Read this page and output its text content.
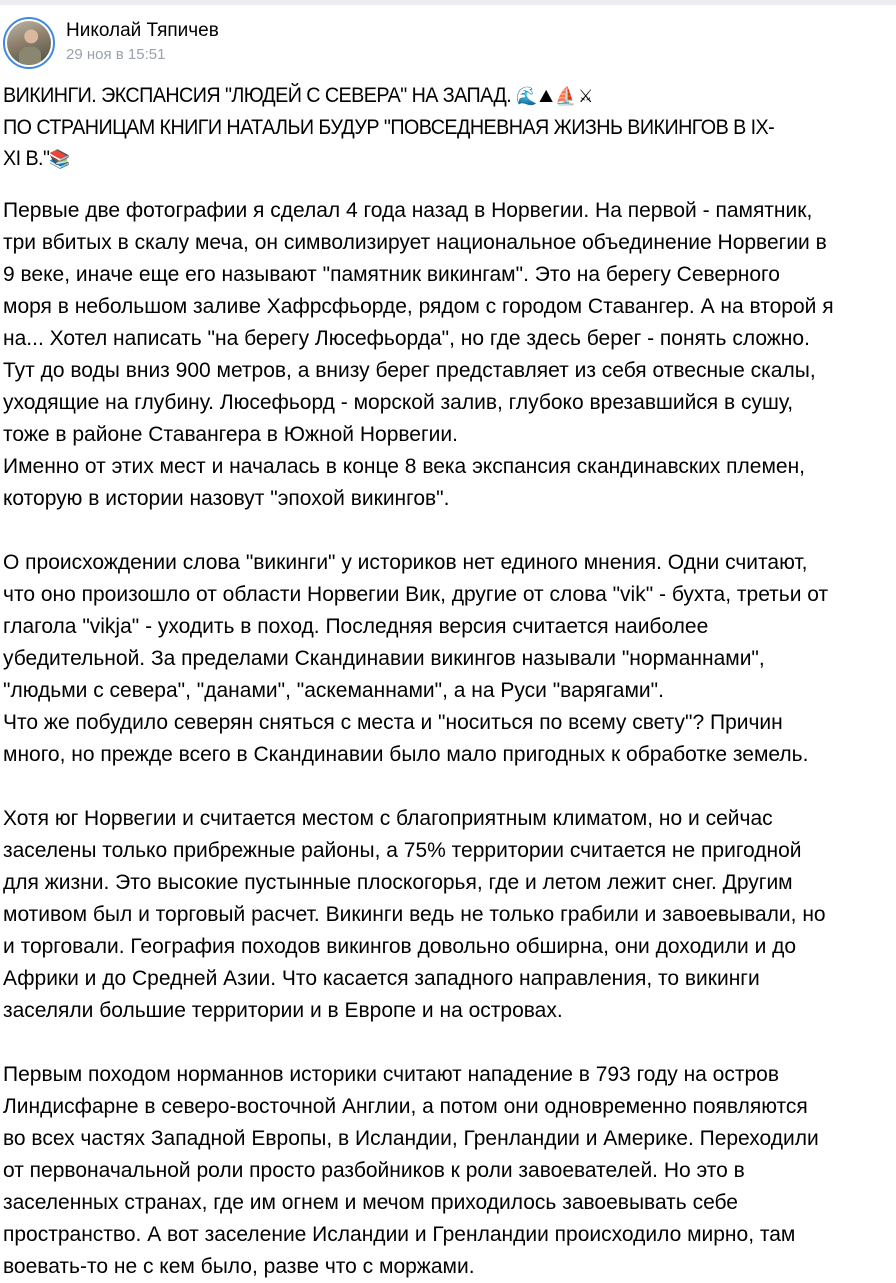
Николай Тяпичев
29 ноя в 15:51
ВИКИНГИ. ЭКСПАНСИЯ "ЛЮДЕЙ С СЕВЕРА" НА ЗАПАД. 🌊⛰⛵⚔
ПО СТРАНИЦАМ КНИГИ НАТАЛЬИ БУДУР "ПОВСЕДНЕВНАЯ ЖИЗНЬ ВИКИНГОВ В IX-
XI В."📚
Первые две фотографии я сделал 4 года назад в Норвегии. На первой - памятник,
три вбитых в скалу меча, он символизирует национальное объединение Норвегии в
9 веке, иначе еще его называют "памятник викингам". Это на берегу Северного
моря в небольшом заливе Хафрсфьорде, рядом с городом Ставангер. А на второй я
на... Хотел написать "на берегу Люсефьорда", но где здесь берег - понять сложно.
Тут до воды вниз 900 метров, а внизу берег представляет из себя отвесные скалы,
уходящие на глубину. Люсефьорд - морской залив, глубоко врезавшийся в сушу,
тоже в районе Ставангера в Южной Норвегии.
Именно от этих мест и началась в конце 8 века экспансия скандинавских племен,
которую в истории назовут "эпохой викингов".
О происхождении слова "викинги" у историков нет единого мнения. Одни считают,
что оно произошло от области Норвегии Вик, другие от слова "vik" - бухта, третьи от
глагола "vikja" - уходить в поход. Последняя версия считается наиболее
убедительной. За пределами Скандинавии викингов называли "норманнами",
"людьми с севера", "данами", "аскеманнами", а на Руси "варягами".
Что же побудило северян сняться с места и "носиться по всему свету"? Причин
много, но прежде всего в Скандинавии было мало пригодных к обработке земель.
Хотя юг Норвегии и считается местом с благоприятным климатом, но и сейчас
заселены только прибрежные районы, а 75% территории считается не пригодной
для жизни. Это высокие пустынные плоскогорья, где и летом лежит снег. Другим
мотивом был и торговый расчет. Викинги ведь не только грабили и завоевывали, но
и торговали. География походов викингов довольно обширна, они доходили и до
Африки и до Средней Азии. Что касается западного направления, то викинги
заселяли большие территории и в Европе и на островах.
Первым походом норманнов историки считают нападение в 793 году на остров
Линдисфарне в северо-восточной Англии, а потом они одновременно появляются
во всех частях Западной Европы, в Исландии, Гренландии и Америке. Переходили
от первоначальной роли просто разбойников к роли завоевателей. Но это в
заселенных странах, где им огнем и мечом приходилось завоевывать себе
пространство. А вот заселение Исландии и Гренландии происходило мирно, там
воевать-то не с кем было, разве что с моржами.
